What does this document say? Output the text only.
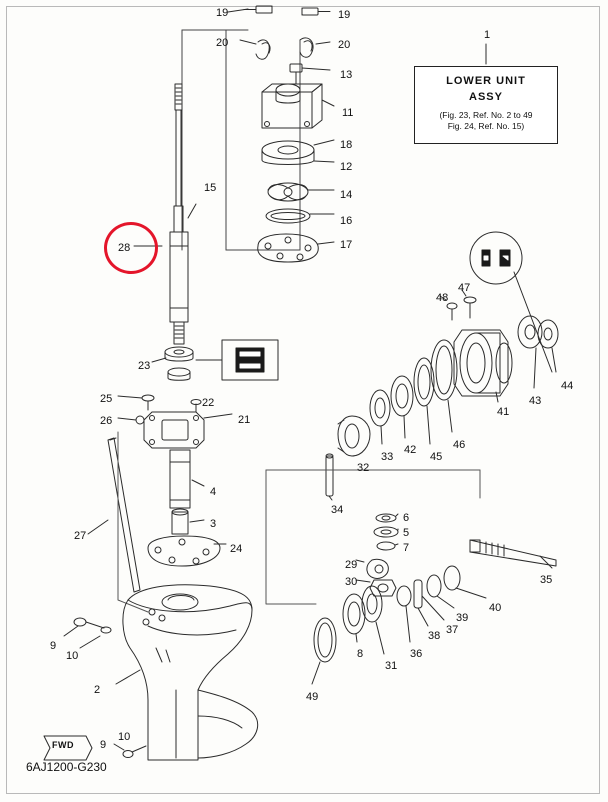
LOWER UNIT
ASSY
(Fig. 23, Ref. No. 2 to 49
Fig. 24, Ref. No. 15)
FWD
6AJ1200-G230
1
19	19
20	20
13
11
18
12
14
16
17
15
28
23
25	22
26	21
4
3
27
24
9
10
2
9
10
48
47
44
43
41
46
45
42
33
32
34
6
5
7
29
30	35
40
39
38 37
36
31
8
49
